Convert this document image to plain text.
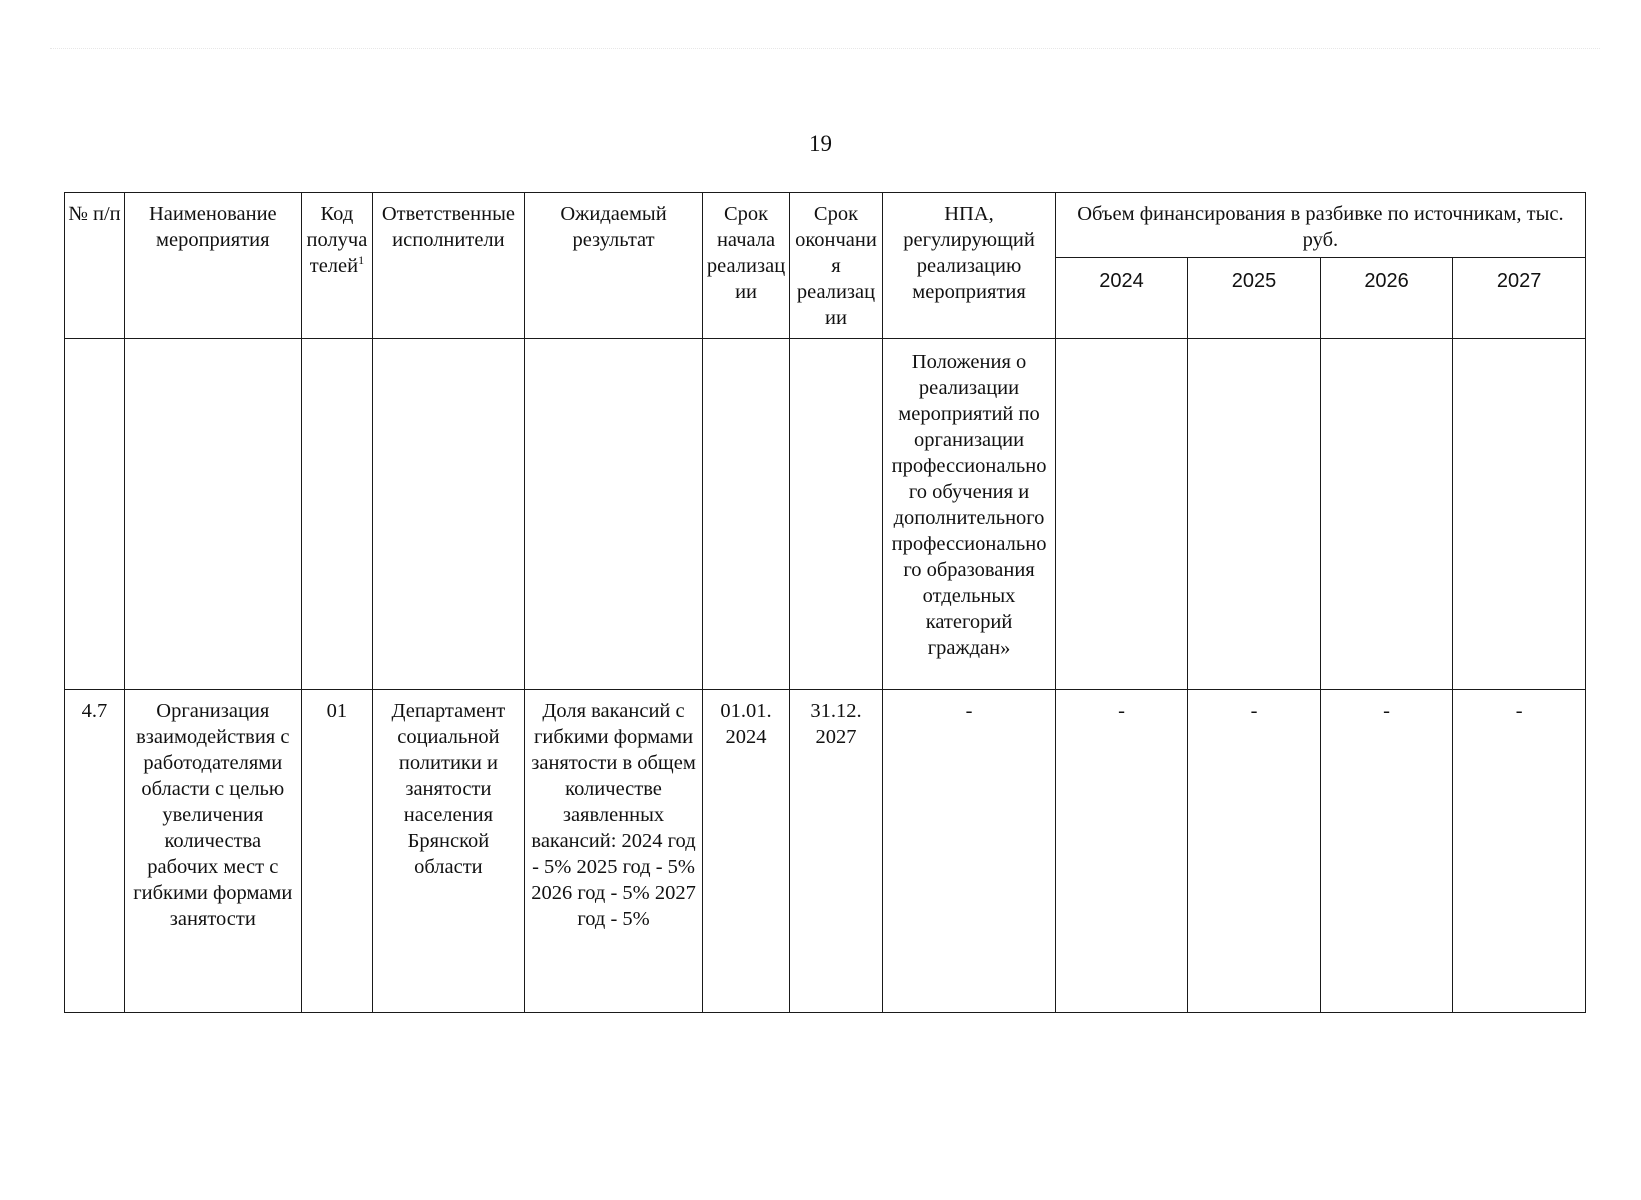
19
№ п/п	Наименование мероприятия	Код получателей$^1$	Ответственные исполнители	Ожидаемый результат	Срок начала реализации	Срок окончания реализации	НПА, регулирующий реализацию мероприятия	Объем финансирования в разбивке по источникам, тыс. руб.			
								2024	2025	2026	2027

							Положения о реализации мероприятий по организации профессионального обучения и дополнительного профессионального образования отдельных категорий граждан»				

4.7	Организация взаимодействия с работодателями области с целью увеличения количества рабочих мест с гибкими формами занятости	01	Департамент социальной политики и занятости населения Брянской области	Доля вакансий с гибкими формами занятости в общем количестве заявленных вакансий: 2024 год - 5% 2025 год - 5% 2026 год - 5% 2027 год - 5%	01.01. 2024	31.12. 2027	-	-	-	-	-
